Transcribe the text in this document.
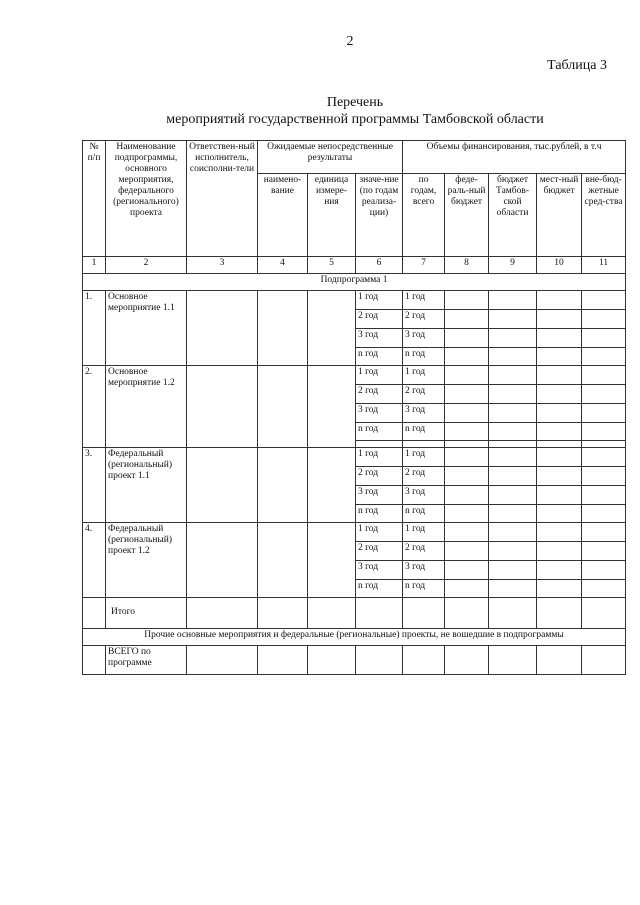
2
Таблица 3
Перечень
мероприятий государственной программы Тамбовской области
№ п/п	Наименование подпрограммы, основного мероприятия, федерального (регионального) проекта	Ответствен-ный исполнитель, соисполни-тели	Ожидаемые непосредственные результаты			Объемы финансирования, тыс.рублей, в т.ч				
			наимено-вание	единица измере-ния	значе-ние (по годам реализа-ции)	по годам, всего	феде-раль-ный бюджет	бюджет Тамбов-ской области	мест-ный бюджет	вне-бюд-жетные сред-ства
1	2	3	4	5	6	7	8	9	10	11
Подпрограмма 1										
1.	Основное мероприятие 1.1				1 год	1 год				
					2 год	2 год				
					3 год	3 год				
					n год	n год				
2.	Основное мероприятие 1.2				1 год	1 год				
					2 год	2 год				
					3 год	3 год				
					n год	n год				

3.	Федеральный (региональный) проект 1.1				1 год	1 год				
					2 год	2 год				
					3 год	3 год				
					n год	n год				
4.	Федеральный (региональный) проект 1.2				1 год	1 год				
					2 год	2 год				
					3 год	3 год				
					n год	n год				
	Итого									
Прочие основные мероприятия и федеральные (региональные) проекты, не вошедшие в подпрограммы										
	ВСЕГО по программе									
